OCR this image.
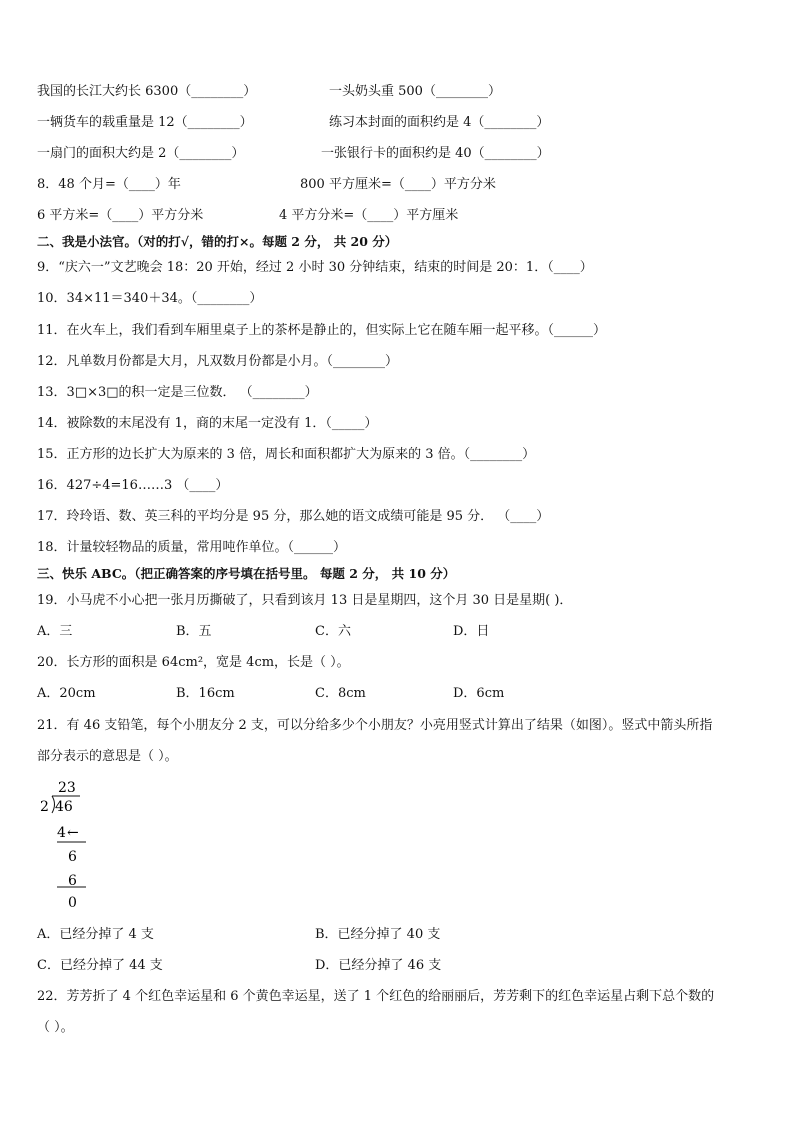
我国的长江大约长 6300（________）	一头奶头重 500（________）
一辆货车的载重量是 12（________）	练习本封面的面积约是 4（________）
一扇门的面积大约是 2（________）	一张银行卡的面积约是 40（________）
8．48 个月=（____）年	800 平方厘米=（____）平方分米
6 平方米=（____）平方分米	4 平方分米=（____）平方厘米
二、我是小法官。（对的打√，错的打×。每题 2 分， 共 20 分）
9．“庆六一”文艺晚会 18：20 开始，经过 2 小时 30 分钟结束，结束的时间是 20：1．（____）
10．34×11＝340＋34。（________）
11．在火车上，我们看到车厢里桌子上的茶杯是静止的，但实际上它在随车厢一起平移。（______）
12．凡单数月份都是大月，凡双数月份都是小月。（________）
13．3□×3□的积一定是三位数． （________）
14．被除数的末尾没有 1，商的末尾一定没有 1．（_____）
15．正方形的边长扩大为原来的 3 倍，周长和面积都扩大为原来的 3 倍。（________）
16．427÷4=16……3 （____）
17．玲玲语、数、英三科的平均分是 95 分，那么她的语文成绩可能是 95 分． （____）
18．计量较轻物品的质量，常用吨作单位。（______）
三、快乐 ABC。（把正确答案的序号填在括号里。 每题 2 分， 共 10 分）
19．小马虎不小心把一张月历撕破了，只看到该月 13 日是星期四，这个月 30 日是星期( )．
A．三	B．五	C．六	D．日
20．长方形的面积是 64cm²，宽是 4cm，长是（ ）。
A．20cm	B．16cm	C．8cm	D．6cm
21．有 46 支铅笔，每个小朋友分 2 支，可以分给多少个小朋友？小亮用竖式计算出了结果（如图）。竖式中箭头所指
部分表示的意思是（ ）。
23
2 46
4 ←
6
6
0
A．已经分掉了 4 支	B．已经分掉了 40 支
C．已经分掉了 44 支	D．已经分掉了 46 支
22．芳芳折了 4 个红色幸运星和 6 个黄色幸运星，送了 1 个红色的给丽丽后，芳芳剩下的红色幸运星占剩下总个数的
（ ）。
